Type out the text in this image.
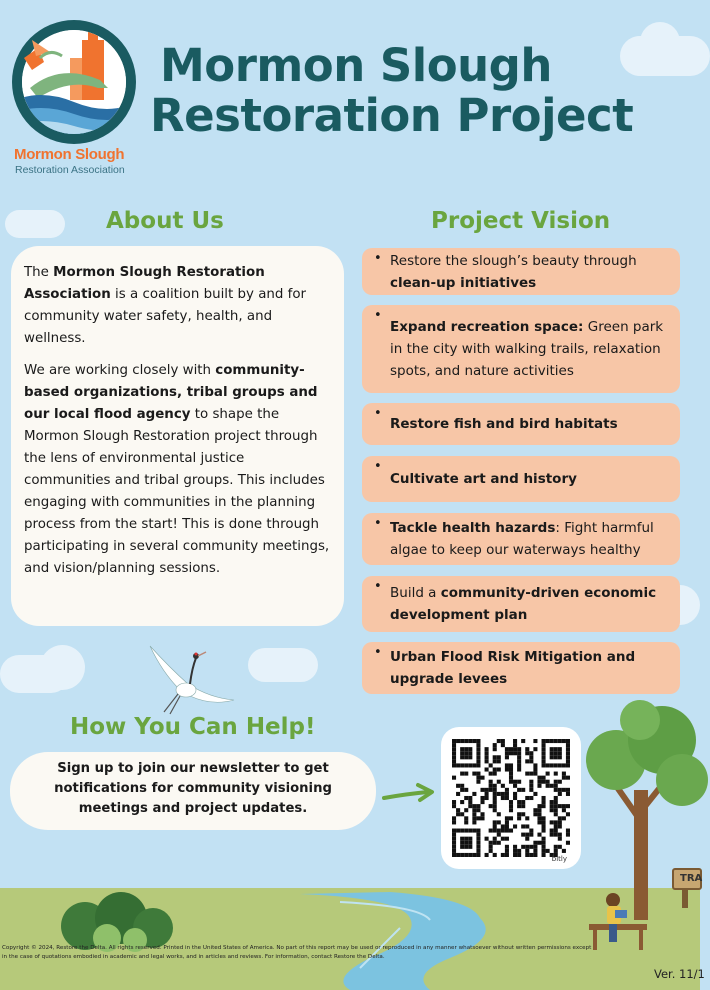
Mormon Slough
Restoration Association
Mormon Slough
Restoration Project
About Us

The Mormon Slough Restoration Association is a coalition built by and for community water safety, health, and wellness.

We are working closely with community-based organizations, tribal groups and our local flood agency to shape the Mormon Slough Restoration project through the lens of environmental justice communities and tribal groups. This includes engaging with communities in the planning process from the start! This is done through participating in several community meetings, and vision/planning sessions.

Project Vision
• Restore the slough’s beauty through clean-up initiatives
•
Expand recreation space: Green park in the city with walking trails, relaxation spots, and nature activities
•
Restore fish and bird habitats
•
Cultivate art and history
• Tackle health hazards: Fight harmful algae to keep our waterways healthy
• Build a community-driven economic development plan
• Urban Flood Risk Mitigation and upgrade levees
How You Can Help!
Sign up to join our newsletter to get notifications for community visioning meetings and project updates.
bitly
TRA
Copyright © 2024, Restore the Delta. All rights reserved. Printed in the United States of America. No part of this report may be used or reproduced in any manner whatsoever without written permissions except in the case of quotations embodied in academic and legal works, and in articles and reviews. For information, contact Restore the Delta.
Ver. 11/1
